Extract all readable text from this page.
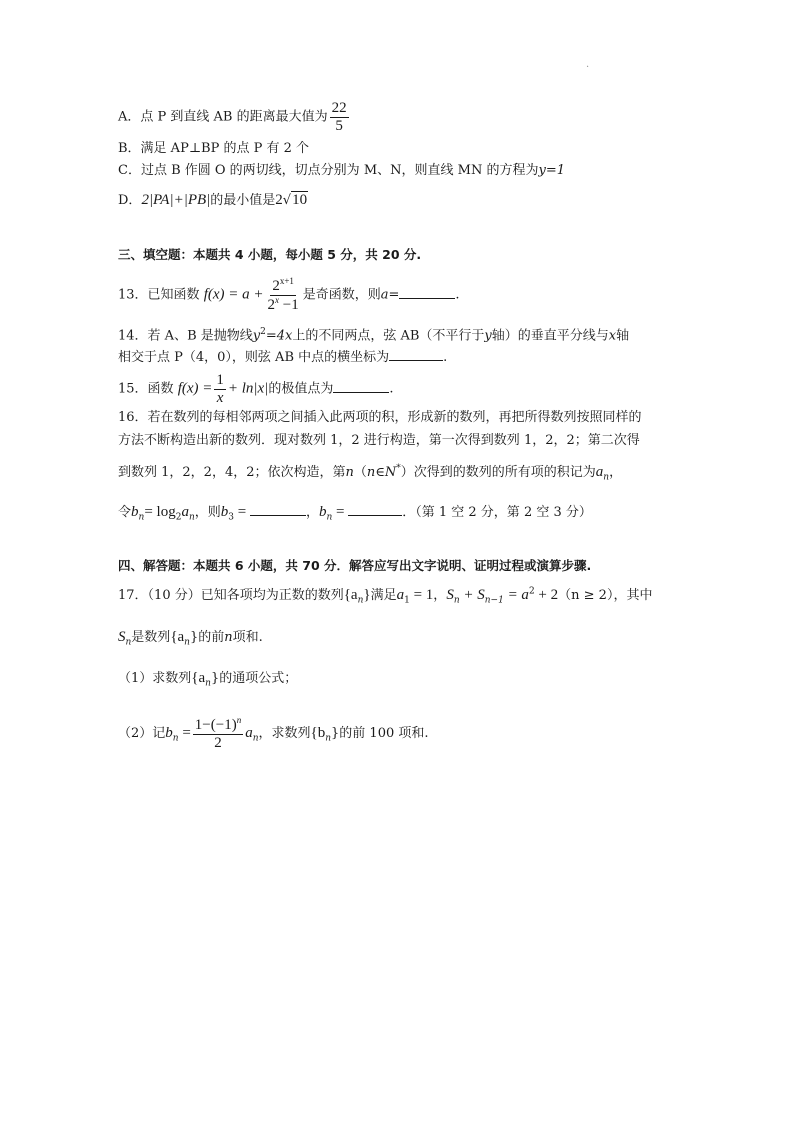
·
A．点 P 到直线 AB 的距离最大值为 $\frac{22}{5}$
B．满足 AP⊥BP 的点 P 有 2 个
C．过点 B 作圆 O 的两切线，切点分别为 M、N，则直线 MN 的方程为y=1
D．2|PA|+|PB|的最小值是2√10
三、填空题：本题共 4 小题，每小题 5 分，共 20 分.
13．已知函数 $f(x) = a + \frac{2^{x+1}}{2^x -1}$ 是奇函数，则a=	.
14．若 A、B 是抛物线$y^2=4x$上的不同两点，弦 AB（不平行于y轴）的垂直平分线与x轴
相交于点 P（4，0），则弦 AB 中点的横坐标为	.
15．函数 $f(x) = \frac{1}{x} + \ln|x|$的极值点为	.
16．若在数列的每相邻两项之间插入此两项的积，形成新的数列，再把所得数列按照同样的
方法不断构造出新的数列．现对数列 1，2 进行构造，第一次得到数列 1，2，2；第二次得
到数列 1，2，2，4，2；依次构造，第n（n∈N*）次得到的数列的所有项的积记为$a_n$，
令$b_n= \log_2a_n$，则$b_3$ =	，$b_n$ =	．（第 1 空 2 分，第 2 空 3 分）
四、解答题：本题共 6 小题，共 70 分．解答应写出文字说明、证明过程或演算步骤.
17．（10 分）已知各项均为正数的数列$\{a_n\}$满足$a_1 = 1$，$S_n + S_{n-1} = a^2 + 2(n \ge 2)$，其中
$S_n$是数列$\{a_n\}$的前n项和.
（1）求数列$\{a_n\}$的通项公式；
（2）记$b_n = \frac{1-(-1)^n}{2} a_n$，求数列$\{b_n\}$的前 100 项和.
